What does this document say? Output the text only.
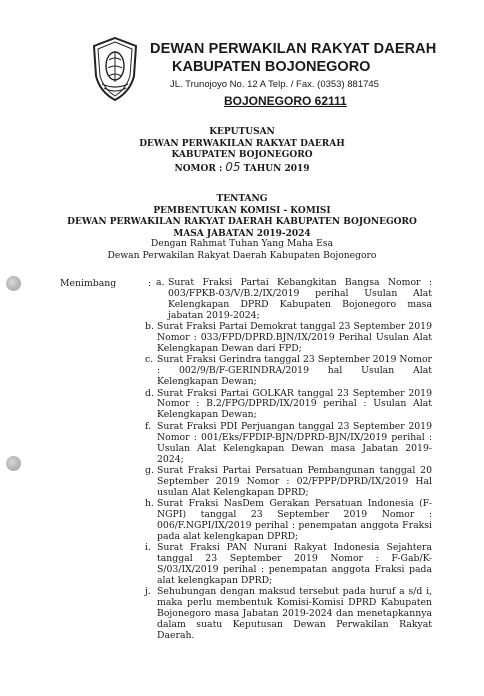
DEWAN PERWAKILAN RAKYAT DAERAH
KABUPATEN BOJONEGORO
JL. Trunojoyo No. 12 A Telp. / Fax. (0353) 881745
BOJONEGORO 62111
KEPUTUSAN
DEWAN PERWAKILAN RAKYAT DAERAH
KABUPATEN BOJONEGORO
NOMOR : 05 TAHUN 2019
TENTANG
PEMBENTUKAN KOMISI - KOMISI
DEWAN PERWAKILAN RAKYAT DAERAH KABUPATEN BOJONEGORO
MASA JABATAN 2019-2024
Dengan Rahmat Tuhan Yang Maha Esa
Dewan Perwakilan Rakyat Daerah Kabupaten Bojonegoro
Menimbang	: a. Surat Fraksi Partai Kebangkitan Bangsa Nomor : 003/FPKB-03/V/B.2/IX/2019 perihal Usulan Alat Kelengkapan DPRD Kabupaten Bojonegoro masa jabatan 2019-2024;
b. Surat Fraksi Partai Demokrat tanggal 23 September 2019 Nomor : 033/FPD/DPRD.BJN/IX/2019 Perihal Usulan Alat Kelengkapan Dewan dari FPD;
c. Surat Fraksi Gerindra tanggal 23 September 2019 Nomor : 002/9/B/F-GERINDRA/2019 hal Usulan Alat Kelengkapan Dewan;
d. Surat Fraksi Partai GOLKAR tanggal 23 September 2019 Nomor : B.2/FPG/DPRD/IX/2019 perihal : Usulan Alat Kelengkapan Dewan;
f. Surat Fraksi PDI Perjuangan tanggal 23 September 2019 Nomor : 001/Eks/FPDIP-BJN/DPRD-BJN/IX/2019 perihal : Usulan Alat Kelengkapan Dewan masa Jabatan 2019-2024;
g. Surat Fraksi Partai Persatuan Pembangunan tanggal 20 September 2019 Nomor : 02/FPPP/DPRD/IX/2019 Hal usulan Alat Kelengkapan DPRD;
h. Surat Fraksi NasDem Gerakan Persatuan Indonesia (F-NGPI) tanggal 23 September 2019 Nomor : 006/F.NGPI/IX/2019 perihal : penempatan anggota Fraksi pada alat kelengkapan DPRD;
i. Surat Fraksi PAN Nurani Rakyat Indonesia Sejahtera tanggal 23 September 2019 Nomor : F-Gab/K-S/03/IX/2019 perihal : penempatan anggota Fraksi pada alat kelengkapan DPRD;
j. Sehubungan dengan maksud tersebut pada huruf a s/d i, maka perlu membentuk Komisi-Komisi DPRD Kabupaten Bojonegoro masa Jabatan 2019-2024 dan menetapkannya dalam suatu Keputusan Dewan Perwakilan Rakyat Daerah.
